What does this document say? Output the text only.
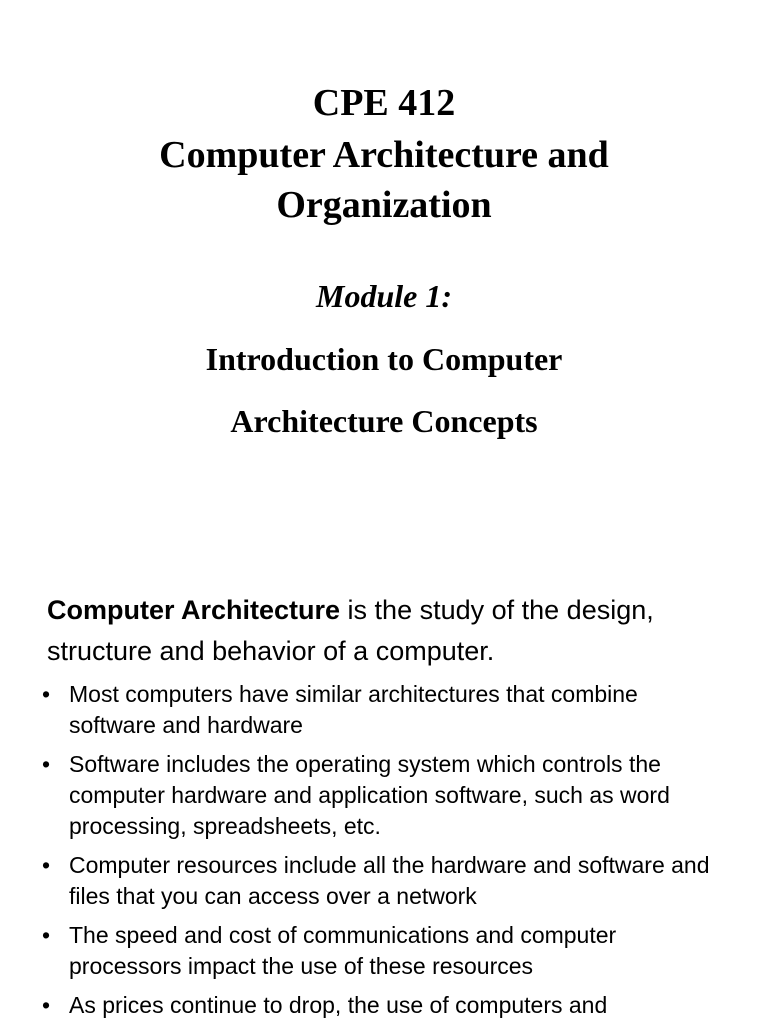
CPE 412
Computer Architecture and Organization
Module 1:
Introduction to Computer
Architecture Concepts
Computer Architecture is the study of the design, structure and behavior of a computer.
• Most computers have similar architectures that combine software and hardware
• Software includes the operating system which controls the computer hardware and application software, such as word processing, spreadsheets, etc.
• Computer resources include all the hardware and software and files that you can access over a network
• The speed and cost of communications and computer processors impact the use of these resources
• As prices continue to drop, the use of computers and
